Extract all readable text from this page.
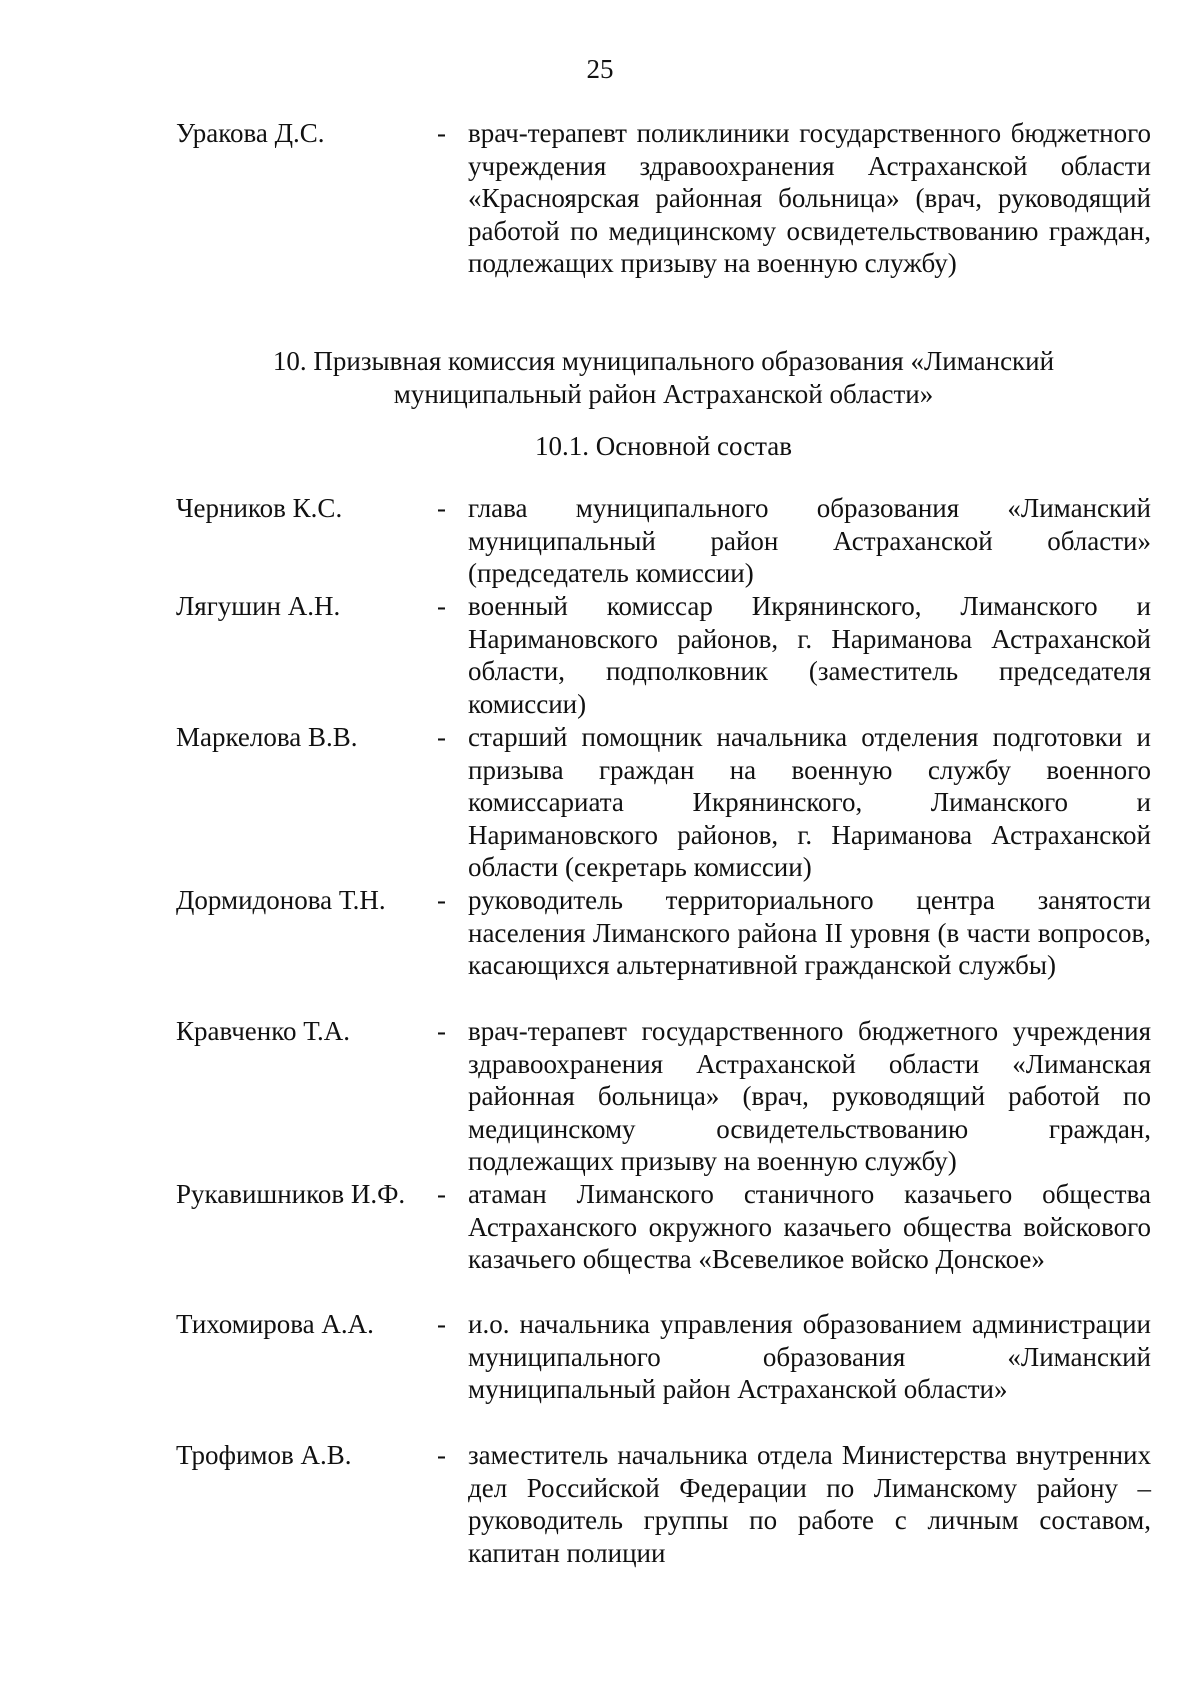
25
Уракова Д.С.	- врач-терапевт поликлиники государственного бюджетного учреждения здравоохранения Астраханской области «Красноярская районная больница» (врач, руководящий работой по медицинскому освидетельствованию граждан, подлежащих призыву на военную службу)
10. Призывная комиссия муниципального образования «Лиманский
муниципальный район Астраханской области»
10.1. Основной состав
Черников К.С.	- глава муниципального образования «Лиманский муниципальный район Астраханской области» (председатель комиссии)
Лягушин А.Н.	- военный комиссар Икрянинского, Лиманского и Наримановского районов, г. Нариманова Астраханской области, подполковник (заместитель председателя комиссии)
Маркелова В.В.	- старший помощник начальника отделения подготовки и призыва граждан на военную службу военного комиссариата Икрянинского, Лиманского и Наримановского районов, г. Нариманова Астраханской области (секретарь комиссии)
Дормидонова Т.Н. - руководитель территориального центра занятости населения Лиманского района II уровня (в части вопросов, касающихся альтернативной гражданской службы)
Кравченко Т.А.	- врач-терапевт государственного бюджетного учреждения здравоохранения Астраханской области «Лиманская районная больница» (врач, руководящий работой по медицинскому освидетельствованию граждан, подлежащих призыву на военную службу)
Рукавишников И.Ф. - атаман Лиманского станичного казачьего общества Астраханского окружного казачьего общества войскового казачьего общества «Всевеликое войско Донское»
Тихомирова А.А. - и.о. начальника управления образованием администрации муниципального образования «Лиманский муниципальный район Астраханской области»
Трофимов А.В.	- заместитель начальника отдела Министерства внутренних дел Российской Федерации по Лиманскому району – руководитель группы по работе с личным составом, капитан полиции
